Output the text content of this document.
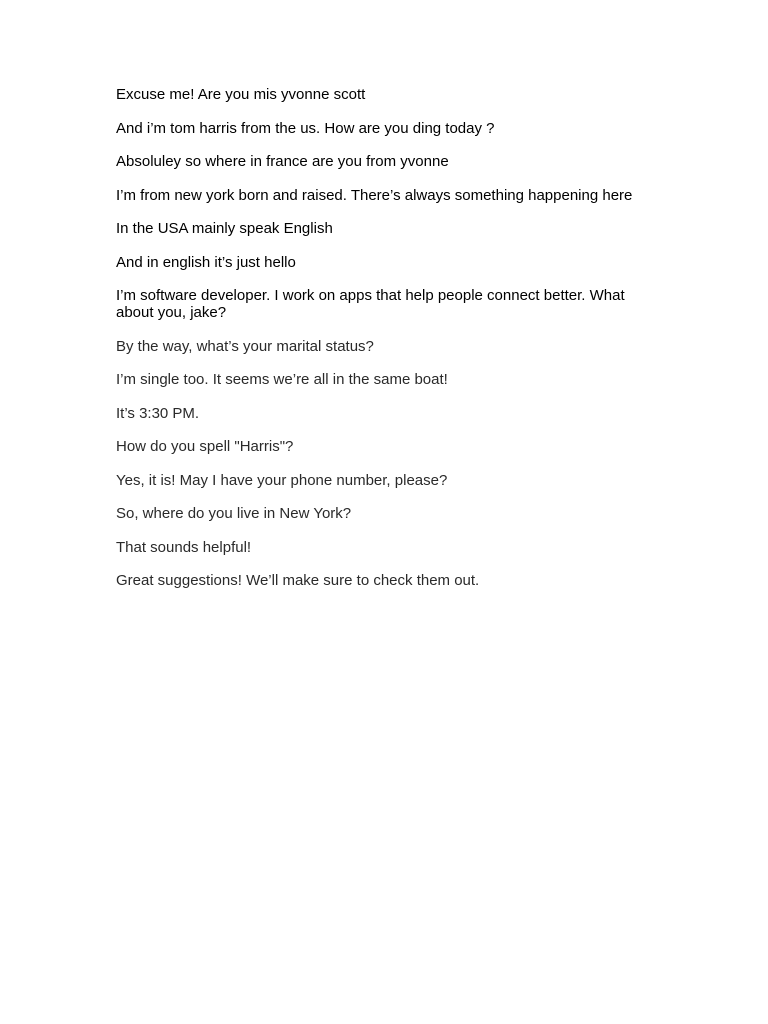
Excuse me! Are you mis yvonne scott

And i’m tom harris from the us. How are you ding today ?

Absoluley so where in france are you from yvonne

I’m from new york born and raised. There’s always something happening here

In the USA mainly speak English

And in english it’s just hello

I’m software developer. I work on apps that help people connect better. What about you, jake?

By the way, what’s your marital status?

I’m single too. It seems we’re all in the same boat!

It’s 3:30 PM.

How do you spell "Harris"?

Yes, it is! May I have your phone number, please?

So, where do you live in New York?

That sounds helpful!

Great suggestions! We’ll make sure to check them out.
